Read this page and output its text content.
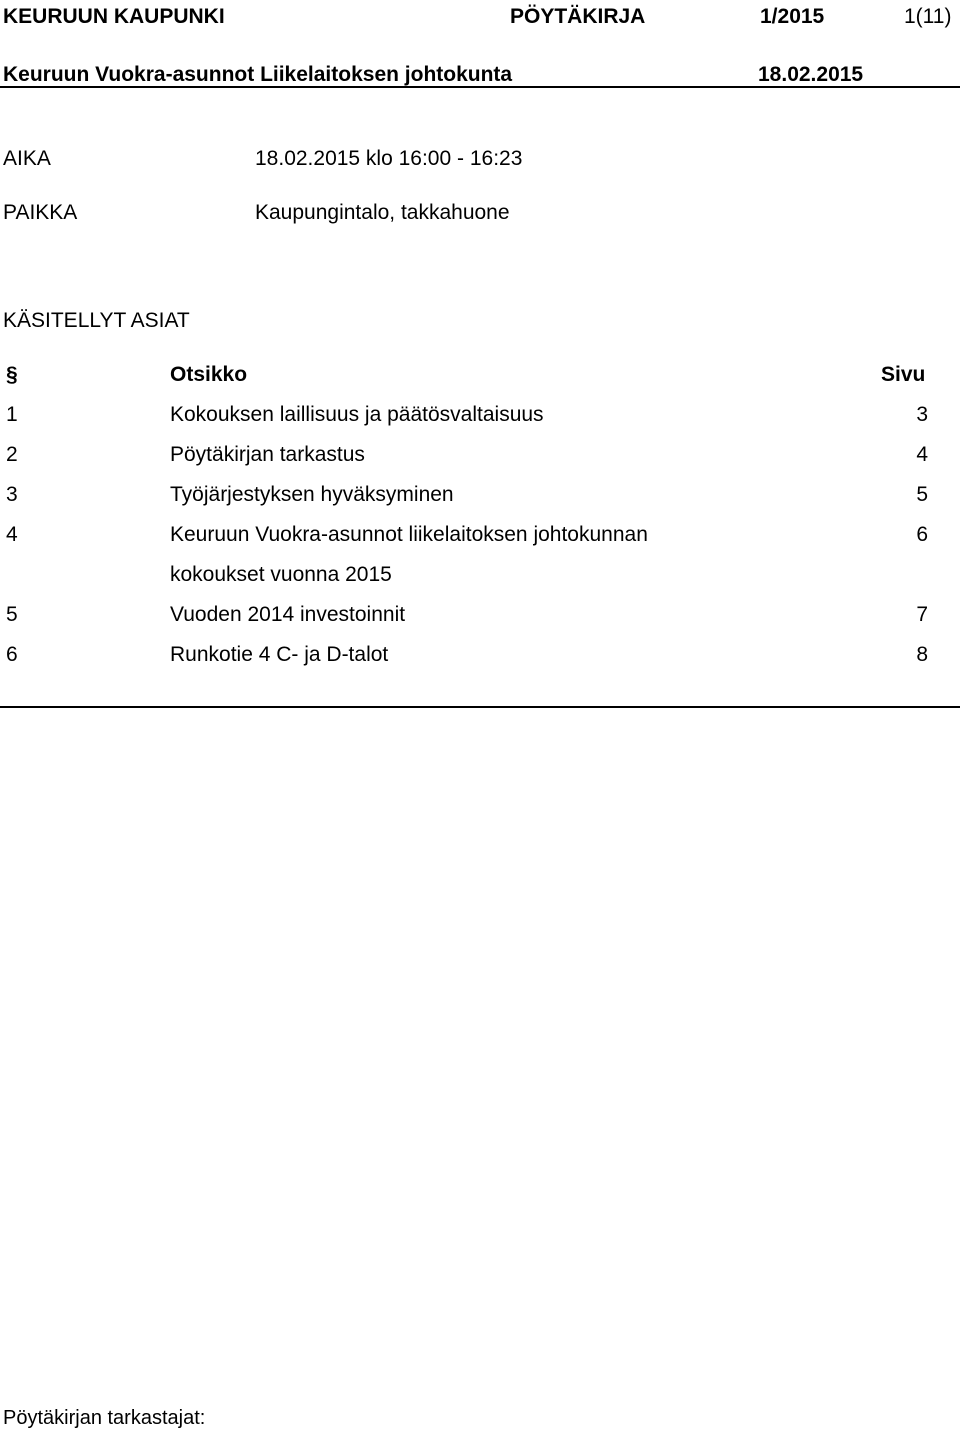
KEURUUN KAUPUNKI	PÖYTÄKIRJA	1/2015	1(11)
Keuruun Vuokra-asunnot Liikelaitoksen johtokunta	18.02.2015
AIKA	18.02.2015 klo 16:00 - 16:23
PAIKKA	Kaupungintalo, takkahuone
KÄSITELLYT ASIAT
§	Otsikko	Sivu
1	Kokouksen laillisuus ja päätösvaltaisuus	3
2	Pöytäkirjan tarkastus	4
3	Työjärjestyksen hyväksyminen	5
4	Keuruun Vuokra-asunnot liikelaitoksen johtokunnan	6
kokoukset vuonna 2015
5	Vuoden 2014 investoinnit	7
6	Runkotie 4 C- ja D-talot	8
Pöytäkirjan tarkastajat:
